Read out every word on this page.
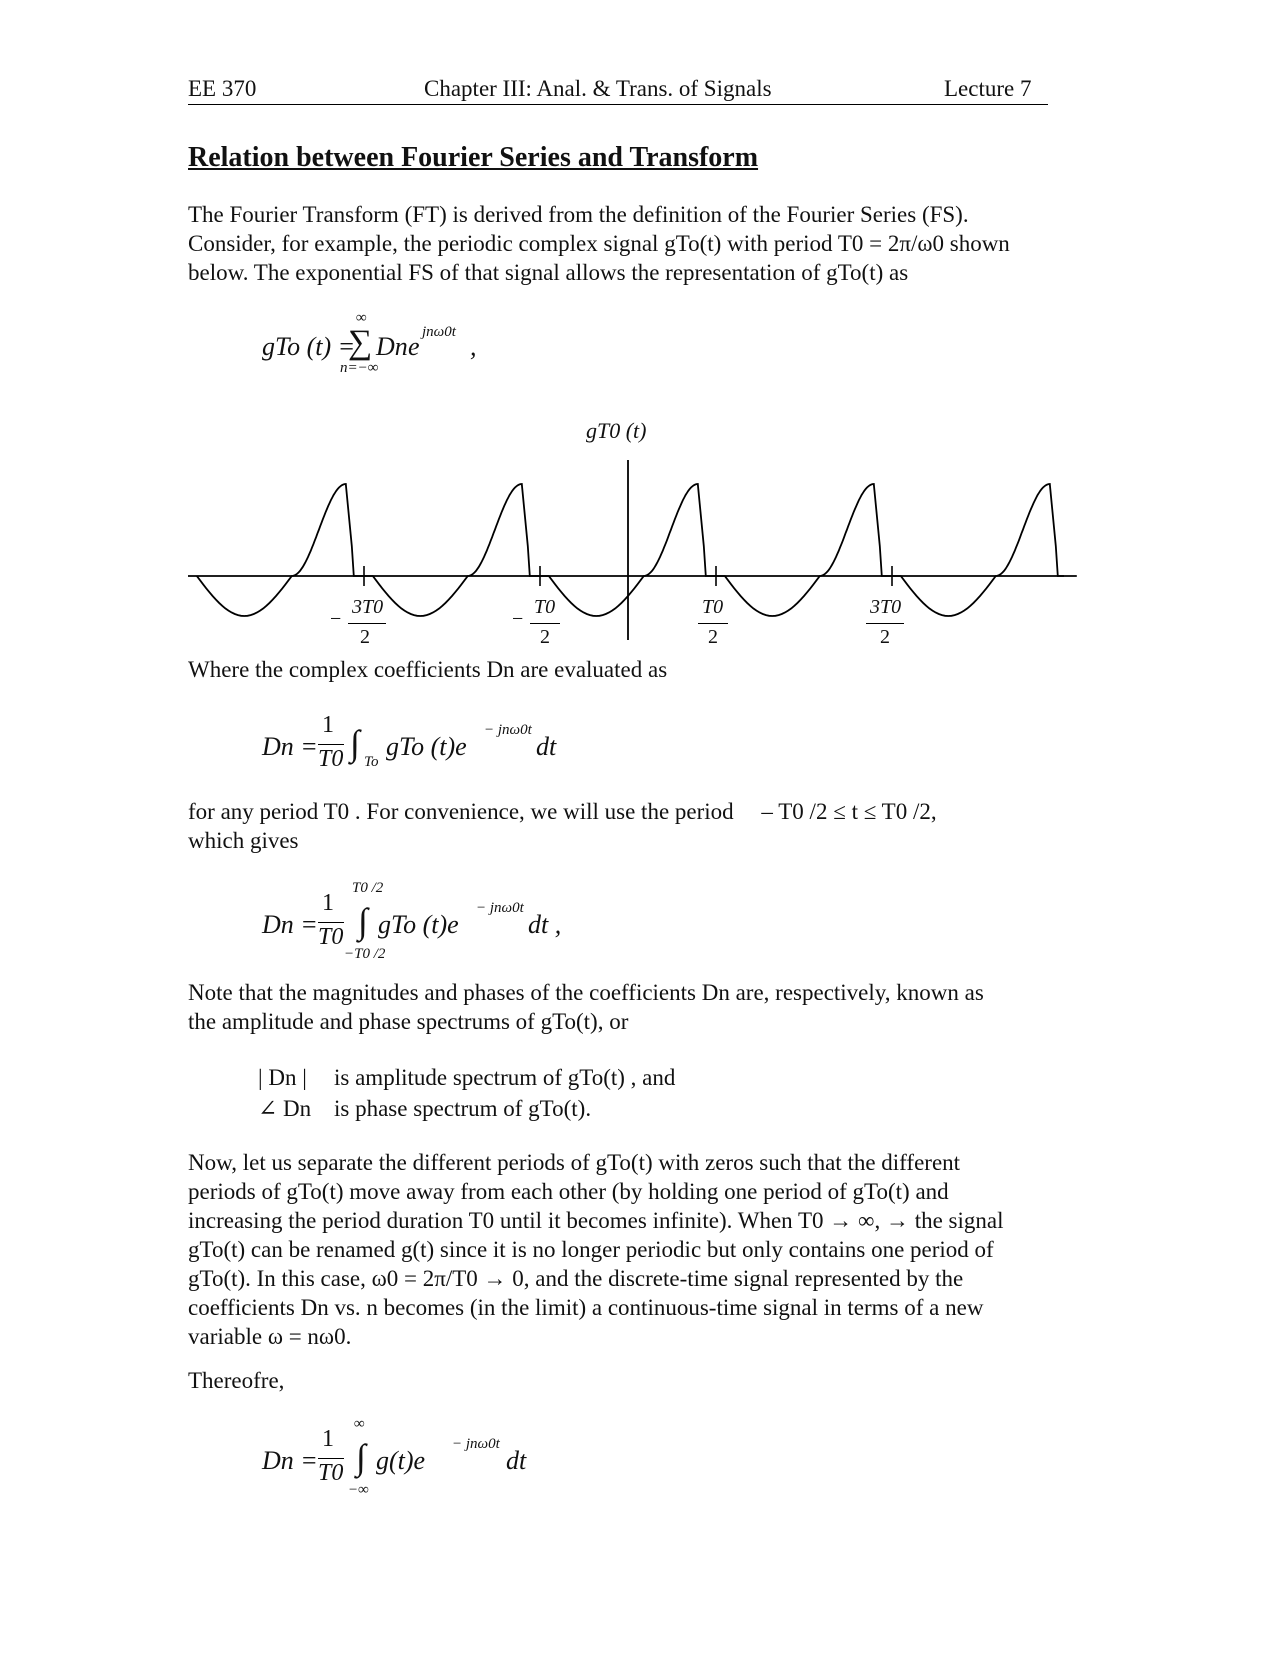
EE 370	Chapter III: Anal. & Trans. of Signals	Lecture 7
Relation between Fourier Series and Transform

The Fourier Transform (FT) is derived from the definition of the Fourier Series (FS).

Consider, for example, the periodic complex signal gTo(t) with period T0 = 2π/ω0 shown

below. The exponential FS of that signal allows the representation of gTo(t) as

gTo (t) =
∞
∑
n=−∞
Dn e jnω0t ,
gT0 (t)
−
3T0
2
−
T0
2
T0
2
3T0
2
Where the complex coefficients Dn are evaluated as
Dn =
1
T0 ∫ To
gTo (t)e
− jnω0t
dt

for any period T0 . For convenience, we will use the period – T0 /2 ≤ t ≤ T0 /2,

which gives

Dn =
1
T0
T0 /2
∫
−T0 /2
gTo (t)e
− jnω0t
dt ,

Note that the magnitudes and phases of the coefficients Dn are, respectively, known as

the amplitude and phase spectrums of gTo(t), or

| Dn | is amplitude spectrum of gTo(t) , and
∠ Dn is phase spectrum of gTo(t).

Now, let us separate the different periods of gTo(t) with zeros such that the different

periods of gTo(t) move away from each other (by holding one period of gTo(t) and

increasing the period duration T0 until it becomes infinite). When T0 → ∞, → the signal

gTo(t) can be renamed g(t) since it is no longer periodic but only contains one period of

gTo(t). In this case, ω0 = 2π/T0 → 0, and the discrete-time signal represented by the

coefficients Dn vs. n becomes (in the limit) a continuous-time signal in terms of a new

variable ω = nω0.

Thereofre,
Dn =
1
T0
∞
∫
−∞
g(t)e
− jnω0t
dt
